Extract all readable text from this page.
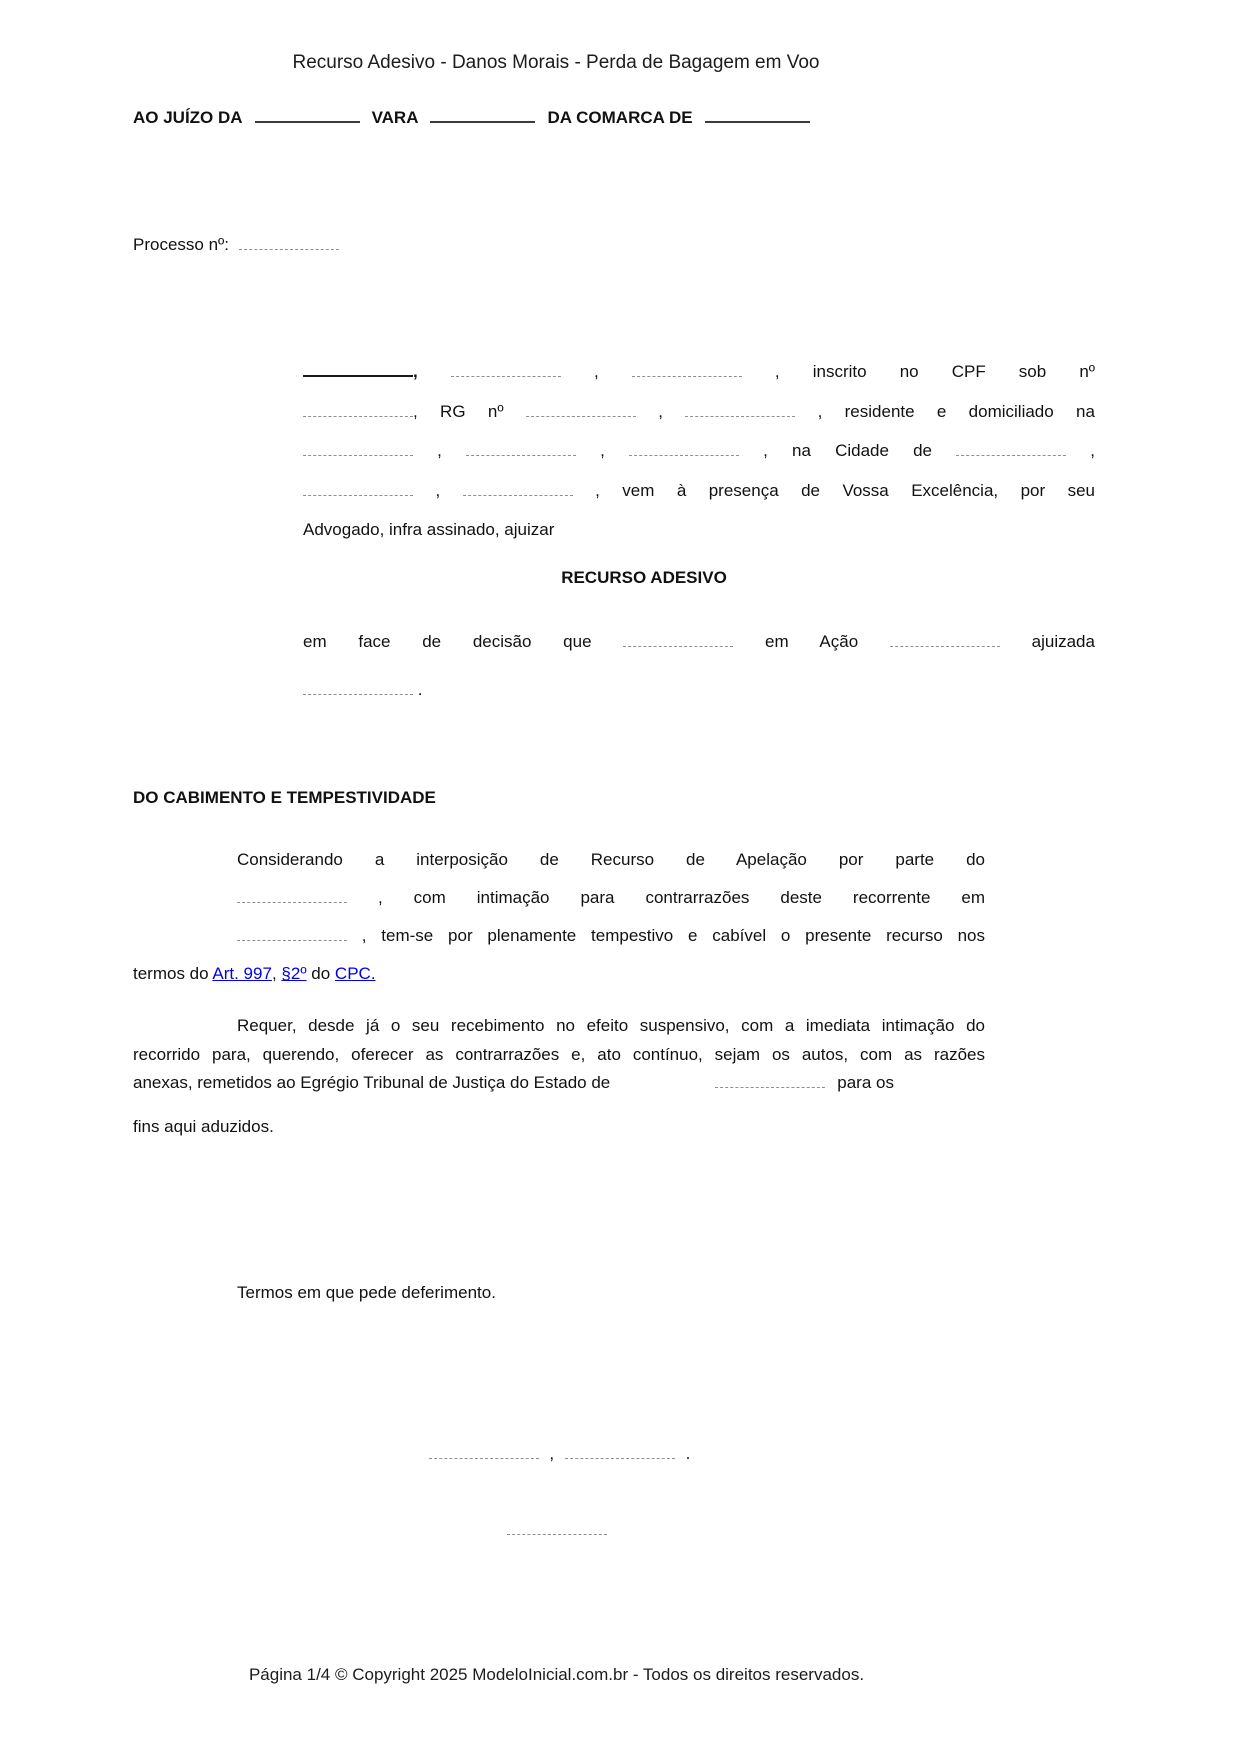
Recurso Adesivo - Danos Morais - Perda de Bagagem em Voo
AO JUÍZO DA	VARA	DA COMARCA DE
Processo nº:
,	,	, inscrito no CPF sob nº
, RG nº	,	, residente e domiciliado na
,	,	, na Cidade de	,
,	, vem à presença de Vossa Excelência, por seu
Advogado, infra assinado, ajuizar
RECURSO ADESIVO
em face de decisão que	em Ação	ajuizada
.
DO CABIMENTO E TEMPESTIVIDADE
Considerando a interposição de Recurso de Apelação por parte do
, com intimação para contrarrazões deste recorrente em
, tem-se por plenamente tempestivo e cabível o presente recurso nos
termos do Art. 997, §2º do CPC.
Requer, desde já o seu recebimento no efeito suspensivo, com a imediata intimação do
recorrido para, querendo, oferecer as contrarrazões e, ato contínuo, sejam os autos, com as razões
anexas, remetidos ao Egrégio Tribunal de Justiça do Estado de	para os
fins aqui aduzidos.
Termos em que pede deferimento.
,	.
Página 1/4 © Copyright 2025 ModeloInicial.com.br - Todos os direitos reservados.
